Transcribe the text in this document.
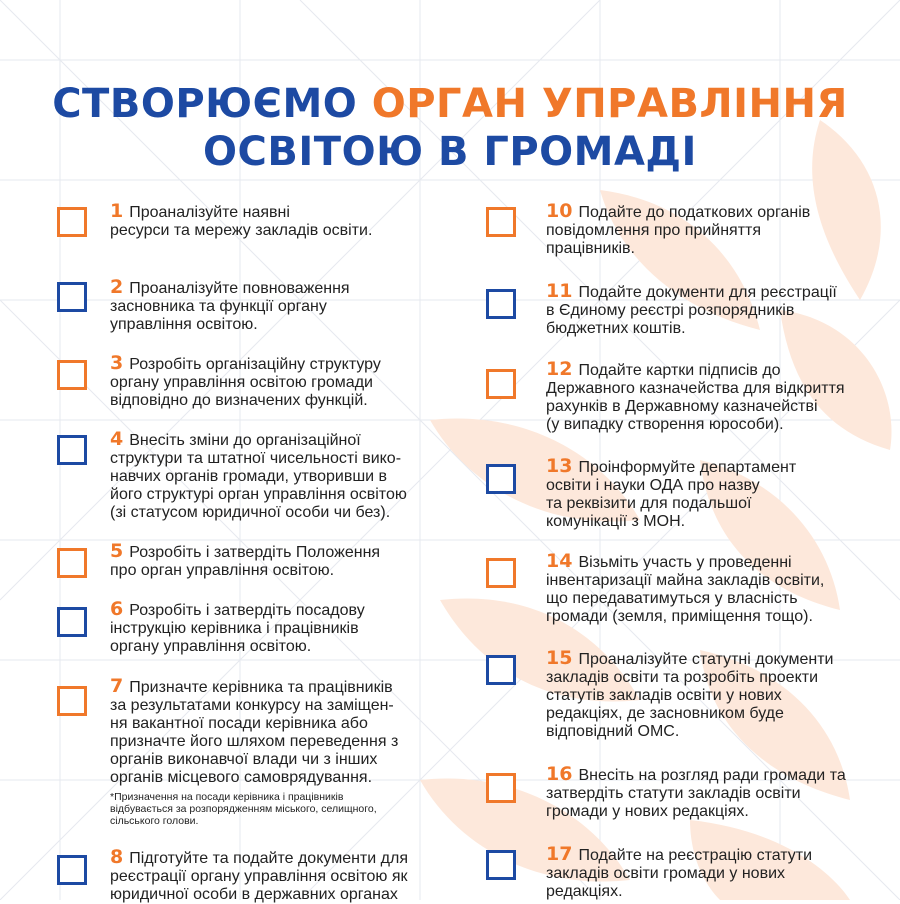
СТВОРЮЄМО ОРГАН УПРАВЛІННЯ
ОСВІТОЮ В ГРОМАДІ
1 Проаналізуйте наявні
ресурси та мережу закладів освіти.
2 Проаналізуйте повноваження
засновника та функції органу
управління освітою.
3 Розробіть організаційну структуру
органу управління освітою громади
відповідно до визначених функцій.
4 Внесіть зміни до організаційної
структури та штатної чисельності вико-
навчих органів громади, утворивши в
його структурі орган управління освітою
(зі статусом юридичної особи чи без).
5 Розробіть і затвердіть Положення
про орган управління освітою.
6 Розробіть і затвердіть посадову
інструкцію керівника і працівників
органу управління освітою.
7 Призначте керівника та працівників
за результатами конкурсу на заміщен-
ня вакантної посади керівника або
призначте його шляхом переведення з
органів виконавчої влади чи з інших
органів місцевого самоврядування.
*Призначення на посади керівника і працівників
відбувається за розпорядженням міського, селищного,
сільського голови.
8 Підготуйте та подайте документи для
реєстрації органу управління освітою як
юридичної особи в державних органах
10 Подайте до податкових органів
повідомлення про прийняття
працівників.
11 Подайте документи для реєстрації
в Єдиному реєстрі розпорядників
бюджетних коштів.
12 Подайте картки підписів до
Державного казначейства для відкриття
рахунків в Державному казначействі
(у випадку створення юрособи).
13 Проінформуйте департамент
освіти і науки ОДА про назву
та реквізити для подальшої
комунікації з МОН.
14 Візьміть участь у проведенні
інвентаризації майна закладів освіти,
що передаватимуться у власність
громади (земля, приміщення тощо).
15 Проаналізуйте статутні документи
закладів освіти та розробіть проекти
статутів закладів освіти у нових
редакціях, де засновником буде
відповідний ОМС.
16 Внесіть на розгляд ради громади та
затвердіть статути закладів освіти
громади у нових редакціях.
17 Подайте на реєстрацію статути
закладів освіти громади у нових
редакціях.
